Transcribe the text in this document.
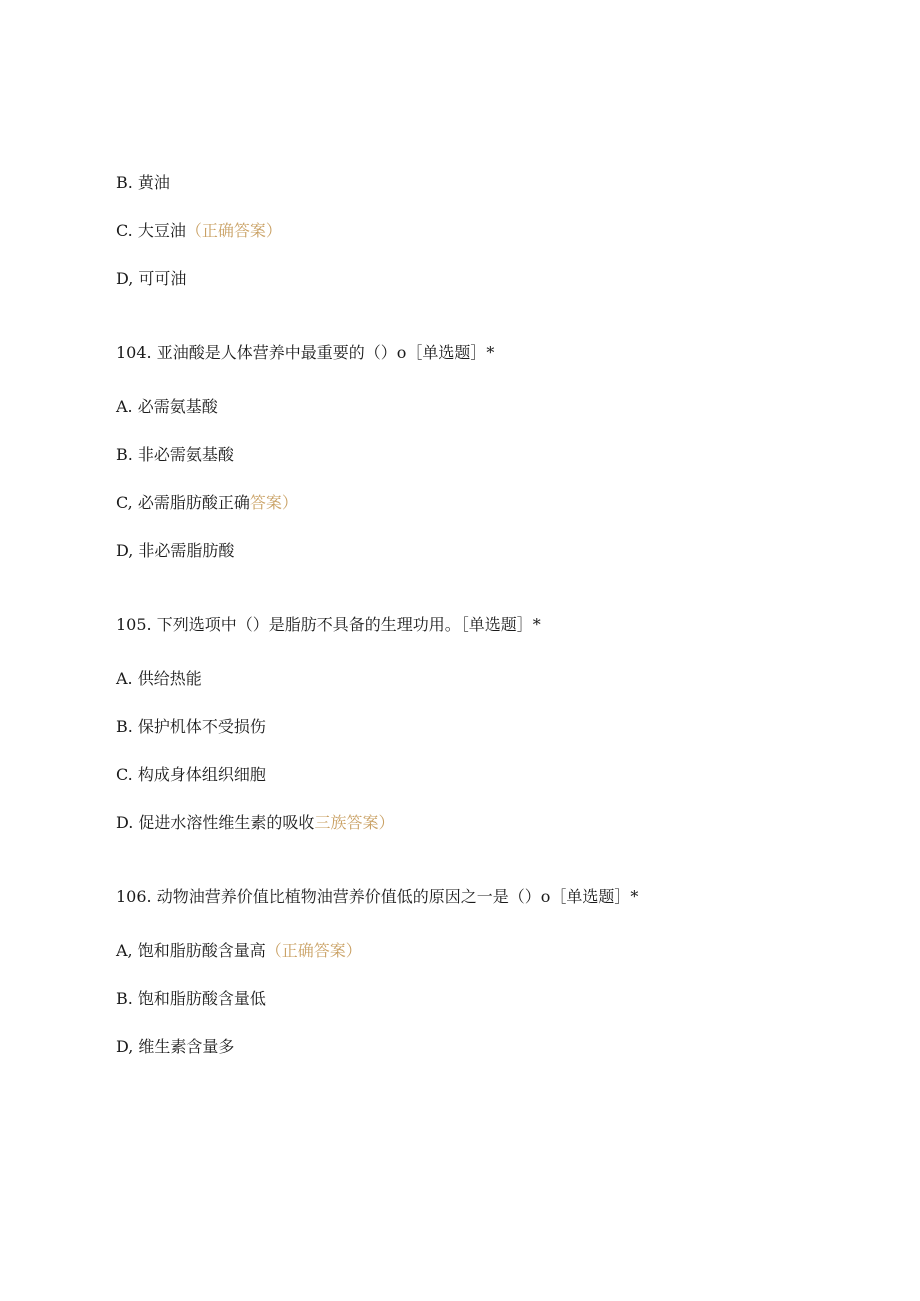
B. 黄油
C. 大豆油（正确答案）
D, 可可油
104. 亚油酸是人体营养中最重要的（）o［单选题］*
A. 必需氨基酸
B. 非必需氨基酸
C, 必需脂肪酸正确答案）
D, 非必需脂肪酸
105. 下列选项中（）是脂肪不具备的生理功用。［单选题］*
A. 供给热能
B. 保护机体不受损伤
C. 构成身体组织细胞
D. 促进水溶性维生素的吸收三族答案）
106. 动物油营养价值比植物油营养价值低的原因之一是（）o［单选题］*
A, 饱和脂肪酸含量高（正确答案）
B. 饱和脂肪酸含量低
D, 维生素含量多
